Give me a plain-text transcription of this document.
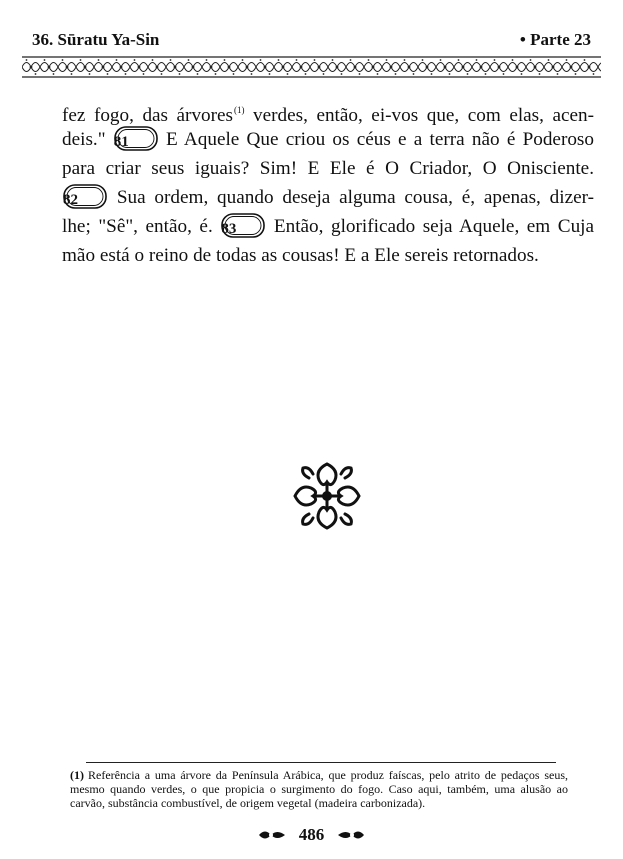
36. Sūratu Ya-Sin	• Parte 23
fez fogo, das árvores$^{(1)}$ verdes, então, ei-vos que, com elas, acen-
deis." 81	E Aquele Que criou os céus e a terra não é Poderoso
para criar seus iguais? Sim! E Ele é O Criador, O Onisciente.
82	Sua ordem, quando deseja alguma cousa, é, apenas, dizer-
lhe; "Sê", então, é. 83	Então, glorificado seja Aquele, em Cuja
mão está o reino de todas as cousas! E a Ele sereis retornados.
(1) Referência a uma árvore da Península Arábica, que produz faíscas, pelo atrito de pedaços seus, mesmo quando verdes, o que propicia o surgimento do fogo. Caso aqui, também, uma alusão ao carvão, substância combustível, de origem vegetal (madeira carbonizada).
486
